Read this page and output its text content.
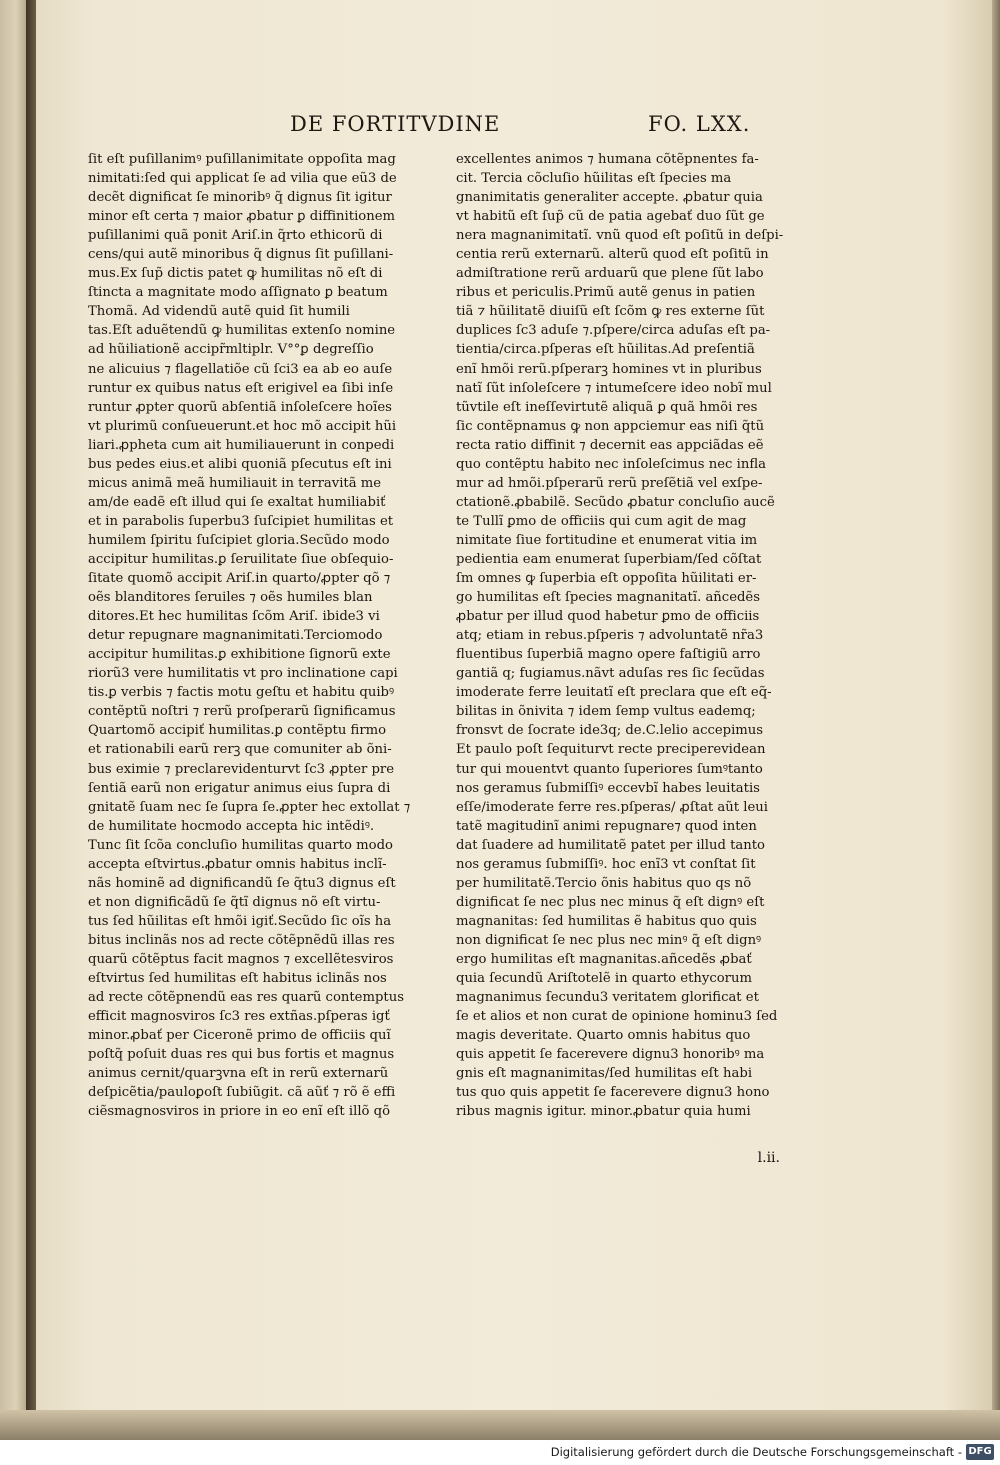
DE FORTITVDINE	FO. LXX.
ſit eſt puſillanimꝰ puſillanimitate oppoſita mag
nimitati:ſed qui applicat ſe ad vilia que eũ3 de
decẽt dignificat ſe minoribꝰ q̃ dignus ſit igitur
minor eſt certa ⁊ maior ꝓbatur ꝑ diffinitionem
puſillanimi quã ponit Ariſ.in q̃rto ethicorũ di
cens/qui autẽ minoribus q̃ dignus ſit puſillani-
mus.Ex ſup̃ dictis patet ꝙ humilitas nõ eſt di
ſtincta a magnitate modo aſſignato ꝑ beatum
Thomã. Ad videndũ autẽ quid ſit humili
tas.Eſt aduẽtendũ ꝙ humilitas extenſo nomine
ad hũiliationẽ accipr̃mltiplr. V°°ꝑ degreſſio
ne alicuius ⁊ flagellatiõe cũ ſci3 ea ab eo auſe
runtur ex quibus natus eſt erigivel ea ſibi inſe
runtur ꝓpter quorũ abſentiã inſoleſcere hoĩes
vt plurimũ conſueuerunt.et hoc mõ accipit hũi
liari.ꝓpheta cum ait humiliauerunt in conpedi
bus pedes eius.et alibi quoniã pſecutus eſt ini
micus animã meã humiliauit in terravitã me
am/de eadẽ eſt illud qui ſe exaltat humiliabiť
et in parabolis ſuperbu3 ſuſcipiet humilitas et
humilem ſpiritu ſuſcipiet gloria.Secũdo modo
accipitur humilitas.ꝑ ſeruilitate ſiue obſequio-
ſitate quomõ accipit Ariſ.in quarto/ꝓpter qõ ⁊
oẽs blanditores ſeruiles ⁊ oẽs humiles blan
ditores.Et hec humilitas ſcõm Ariſ. ibide3 vi
detur repugnare magnanimitati.Terciomodo
accipitur humilitas.ꝑ exhibitione ſignorũ exte
riorũ3 vere humilitatis vt pro inclinatione capi
tis.ꝑ verbis ⁊ factis motu geſtu et habitu quibꝰ
contẽptũ noſtri ⁊ rerũ proſperarũ ſignificamus
Quartomõ accipiť humilitas.ꝑ contẽptu firmo
et rationabili earũ rerꝫ que comuniter ab õni-
bus eximie ⁊ preclarevidenturvt ſc3 ꝓpter pre
ſentiã earũ non erigatur animus eius ſupra di
gnitatẽ ſuam nec ſe ſupra ſe.ꝓpter hec extollat ⁊
de humilitate hocmodo accepta hic intẽdiꝰ.
Tunc ſit ſcõa concluſio humilitas quarto modo
accepta eſtvirtus.ꝓbatur omnis habitus inclĩ-
nãs hominẽ ad dignificandũ ſe q̃tu3 dignus eſt
et non dignificãdũ ſe q̃tĩ dignus nõ eſt virtu-
tus ſed hũilitas eſt hmõi igiť.Secũdo ſic oĩs ha
bitus inclinãs nos ad recte cõtẽpnẽdũ illas res
quarũ cõtẽptus facit magnos ⁊ excellẽtesviros
eſtvirtus ſed humilitas eſt habitus iclinãs nos
ad recte cõtẽpnendũ eas res quarũ contemptus
efficit magnosviros ſc3 res extñas.pſperas igť
minor.ꝓbať per Ciceronẽ primo de officiis quĩ
poſtq̃ poſuit duas res qui bus fortis et magnus
animus cernit/quarꝫvna eſt in rerũ externarũ
deſpicẽtia/pauloꝑoſt ſubiũgit. cã aũť ⁊ rõ ẽ effi
ciẽsmagnosviros in priore in eo enĩ eſt illõ qõ
excellentes animos ⁊ humana cõtẽpnentes fa-
cit. Tercia cõcluſio hũilitas eſt ſpecies ma
gnanimitatis generaliter accepte. ꝓbatur quia
vt habitũ eſt ſup̃ cũ de patia agebať duo ſũt ge
nera magnanimitatĩ. vnũ quod eſt poſitũ in deſpi-
centia rerũ externarũ. alterũ quod eſt poſitũ in
admiſtratione rerũ arduarũ que plene ſũt labo
ribus et periculis.Primũ autẽ genus in patien
tiã ⁊ hũilitatẽ diuiſũ eſt ſcõm ꝙ res externe ſũt
duplices ſc3 aduſe ⁊.pſpere/circa aduſas eſt pa-
tientia/circa.pſperas eſt hũilitas.Ad preſentiã
enĩ hmõi rerũ.pſperarꝫ homines vt in pluribus
natĩ ſũt inſoleſcere ⁊ intumeſcere ideo nobĩ mul
tũvtile eſt ineſſevirtutẽ aliquã ꝑ quã hmõi res
ſic contẽpnamus ꝙ non appciemur eas niſi q̃tũ
recta ratio diffinit ⁊ decernit eas appciãdas eẽ
quo contẽptu habito nec inſoleſcimus nec infla
mur ad hmõi.pſperarũ rerũ preſẽtiã vel exſpe-
ctationẽ.ꝓbabilẽ. Secũdo ꝓbatur concluſio aucẽ
te Tullĩ ꝑmo de officiis qui cum agit de mag
nimitate ſiue fortitudine et enumerat vitia im
pedientia eam enumerat ſuperbiam/ſed cõſtat
ſm omnes ꝙ ſuperbia eſt oppoſita hũilitati er-
go humilitas eſt ſpecies magnanitatĩ. añcedẽs
ꝓbatur per illud quod habetur ꝑmo de officiis
atq; etiam in rebus.pſperis ⁊ advoluntatẽ nr̃a3
fluentibus ſuperbiã magno opere faſtigiũ arro
gantiã q; fugiamus.nãvt aduſas res ſic ſecũdas
imoderate ferre leuitatĩ eſt preclara que eſt eq̃-
bilitas in õnivita ⁊ idem ſemp vultus eademq;
fronsvt de ſocrate ide3q; de.C.lelio accepimus
Et paulo poſt ſequiturvt recte preciperevidean
tur qui mouentvt quanto ſuperiores ſumꝰtanto
nos geramus ſubmiſſiꝰ eccevbĩ habes leuitatis
eſſe/imoderate ferre res.pſperas/ ꝓſtat aũt leui
tatẽ magitudinĩ animi repugnare⁊ quod inten
dat ſuadere ad humilitatẽ patet per illud tanto
nos geramus ſubmiſſiꝰ. hoc enĩ3 vt conſtat ſit
per humilitatẽ.Tercio õnis habitus quo qs nõ
dignificat ſe nec plus nec minus q̃ eſt dignꝰ eſt
magnanitas: ſed humilitas ẽ habitus quo quis
non dignificat ſe nec plus nec minꝰ q̃ eſt dignꝰ
ergo humilitas eſt magnanitas.añcedẽs ꝓbať
quia ſecundũ Ariſtotelẽ in quarto ethycorum
magnanimus ſecundu3 veritatem glorificat et
ſe et alios et non curat de opinione hominu3 ſed
magis deveritate. Quarto omnis habitus quo
quis appetit ſe facerevere dignu3 honoribꝰ ma
gnis eſt magnanimitas/ſed humilitas eſt habi
tus quo quis appetit ſe facerevere dignu3 hono
ribus magnis igitur. minor.ꝓbatur quia humi
l.ii.
Digitalisierung gefördert durch die Deutsche Forschungsgemeinschaft - DFG
